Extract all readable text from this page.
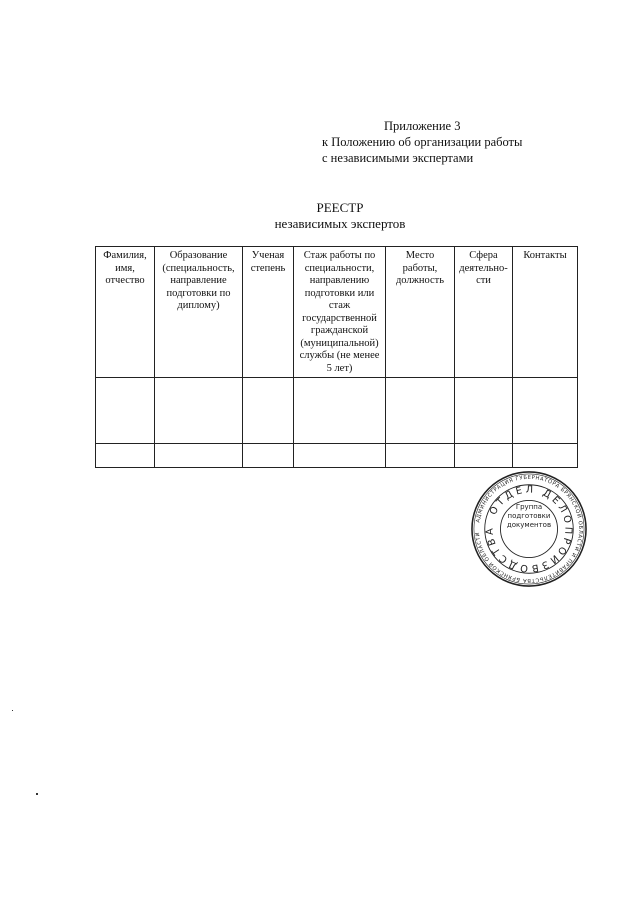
Приложение 3
к Положению об организации работы
с независимыми экспертами
РЕЕСТР
независимых экспертов
Фамилия, имя, отчество	Образование (специальность, направление подготовки по диплому)	Ученая степень	Стаж работы по специальности, направлению подготовки или стаж государственной гражданской (муниципальной) службы (не менее 5 лет)	Место работы, должность	Сфера деятельно-сти	Контакты

АДМИНИСТРАЦИЯ ГУБЕРНАТОРА БРЯНСКОЙ ОБЛАСТИ И ПРАВИТЕЛЬСТВА БРЯНСКОЙ ОБЛАСТИ
ОТДЕЛ ДЕЛОПРОИЗВОДСТВА
Группа подготовки документов
